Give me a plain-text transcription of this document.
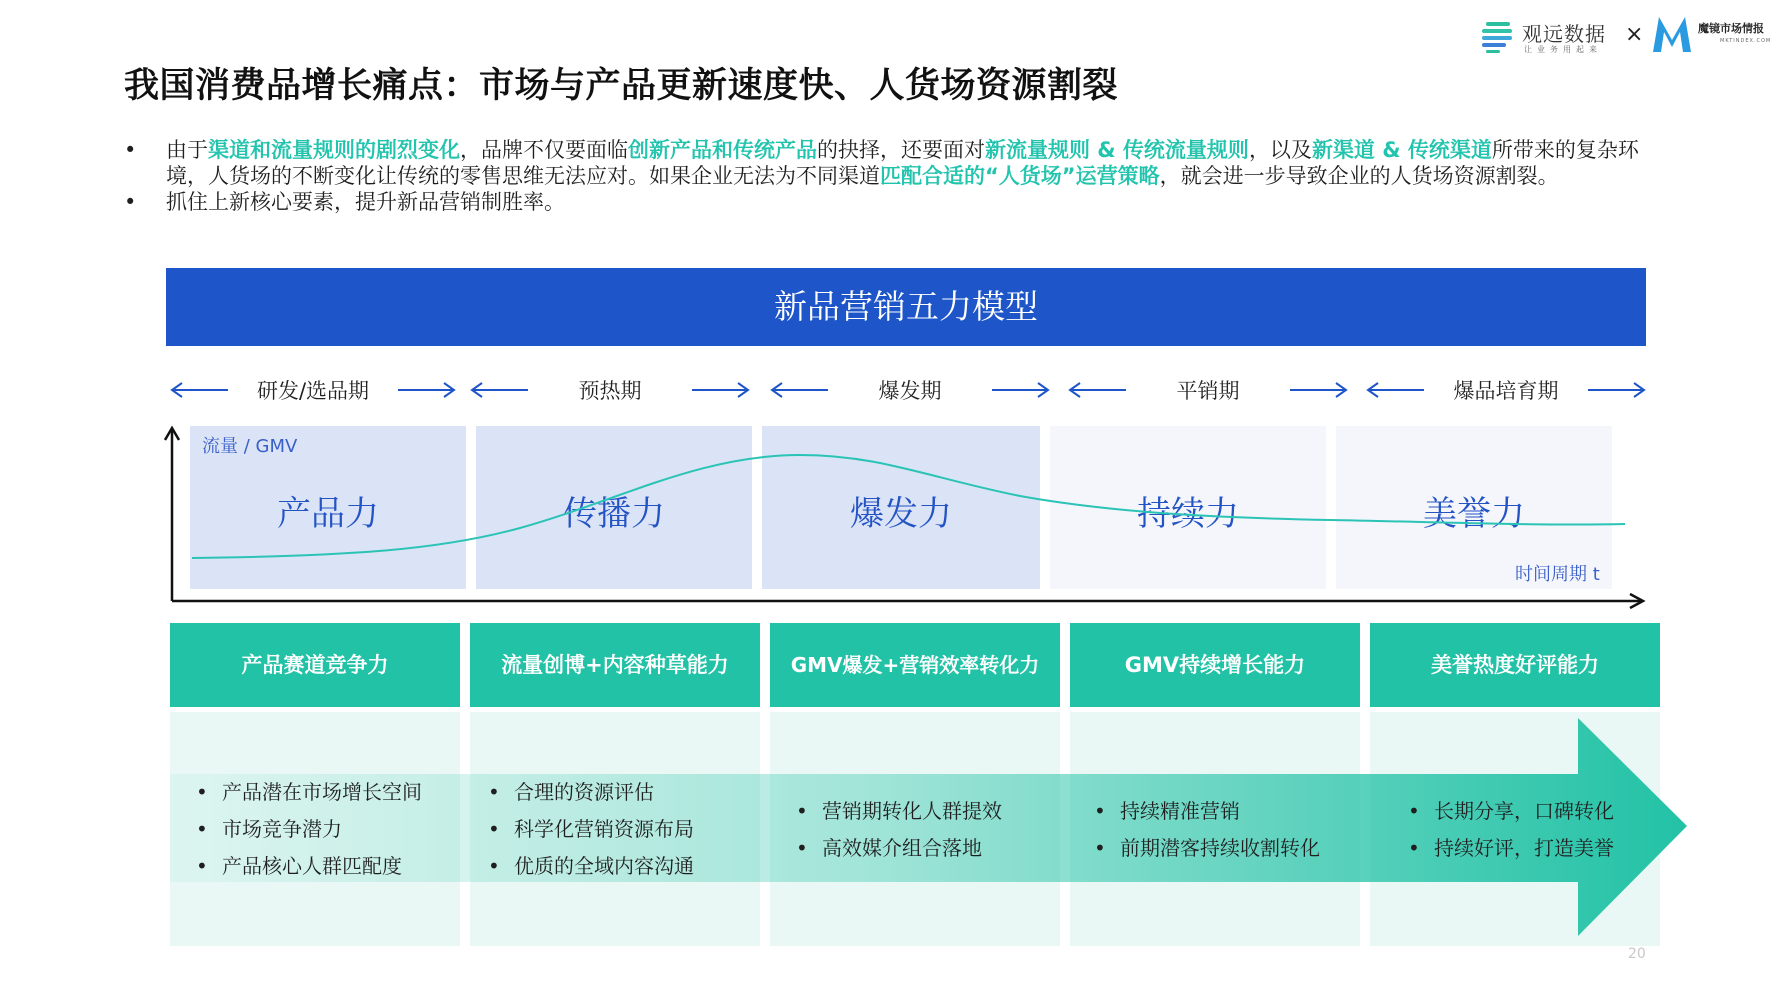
观远数据
让业务用起来
×	魔镜市场情报
MKTINDEX.COM
我国消费品增长痛点：市场与产品更新速度快、人货场资源割裂
• 由于渠道和流量规则的剧烈变化，品牌不仅要面临创新产品和传统产品的抉择，还要面对新流量规则 & 传统流量规则，以及新渠道 & 传统渠道所带来的复杂环境，人货场的不断变化让传统的零售思维无法应对。如果企业无法为不同渠道匹配合适的“人货场”运营策略，就会进一步导致企业的人货场资源割裂。
• 抓住上新核心要素，提升新品营销制胜率。
新品营销五力模型
研发/选品期	预热期	爆发期	平销期	爆品培育期
产品力	传播力	爆发力	持续力	美誉力
流量 / GMV
时间周期 t
产品赛道竞争力	流量创博+内容种草能力	GMV爆发+营销效率转化力	GMV持续增长能力	美誉热度好评能力
• 产品潜在市场增长空间
• 市场竞争潜力
• 产品核心人群匹配度
• 合理的资源评估
• 科学化营销资源布局
• 优质的全域内容沟通
• 营销期转化人群提效
• 高效媒介组合落地
• 持续精准营销
• 前期潜客持续收割转化
• 长期分享，口碑转化
• 持续好评，打造美誉
20
